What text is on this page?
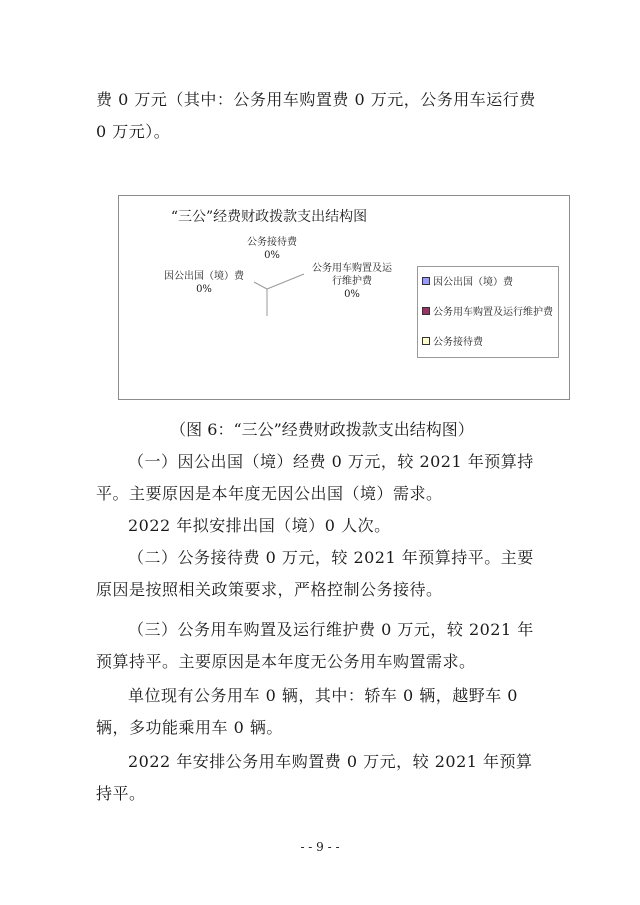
费 0 万元（其中：公务用车购置费 0 万元，公务用车运行费 0 万元）。

“三公”经费财政拨款支出结构图
公务接待费
0%
公务用车购置及运
行维护费
0%
因公出国（境）费
0%
因公出国（境）费
公务用车购置及运行维护费
公务接待费
（图 6：“三公”经费财政拨款支出结构图）

（一）因公出国（境）经费 0 万元，较 2021 年预算持平。主要原因是本年度无因公出国（境）需求。

2022 年拟安排出国（境）0 人次。

（二）公务接待费 0 万元，较 2021 年预算持平。主要原因是按照相关政策要求，严格控制公务接待。

（三）公务用车购置及运行维护费 0 万元，较 2021 年预算持平。主要原因是本年度无公务用车购置需求。

单位现有公务用车 0 辆，其中：轿车 0 辆，越野车 0 辆，多功能乘用车 0 辆。

2022 年安排公务用车购置费 0 万元，较 2021 年预算持平。

- - 9 - -
